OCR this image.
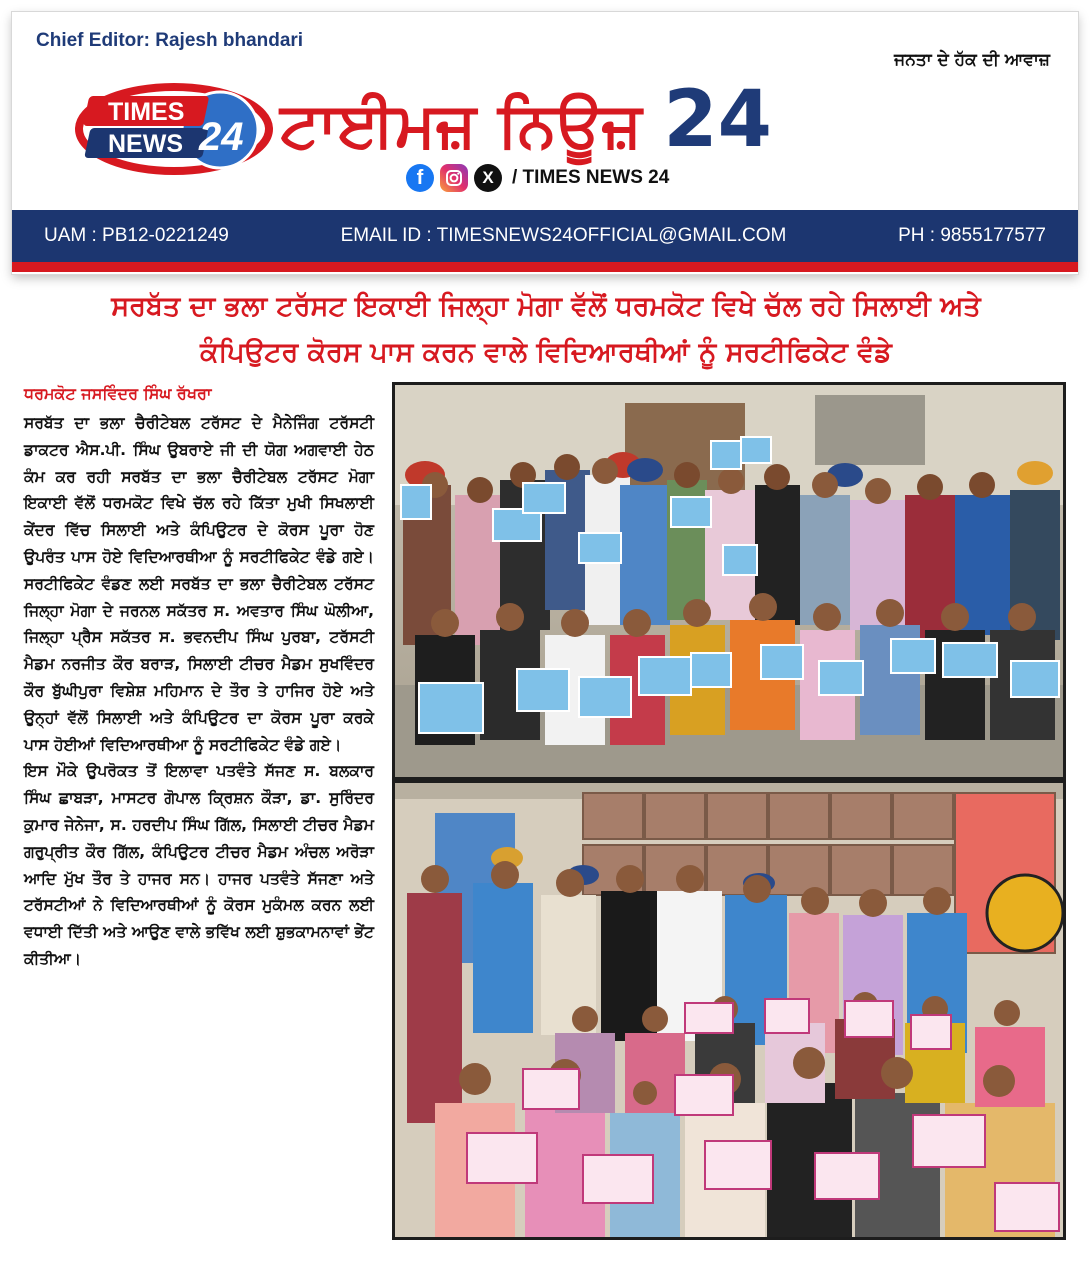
Chief Editor: Rajesh bhandari
TIMES
NEWS 24
ਜਨਤਾ ਦੇ ਹੱਕ ਦੀ ਆਵਾਜ਼
ਟਾਈਮਜ਼ ਨਿਊਜ਼ 24
f	X / TIMES NEWS 24
UAM : PB12-0221249	EMAIL ID : TIMESNEWS24OFFICIAL@GMAIL.COM	PH : 9855177577
ਸਰਬੱਤ ਦਾ ਭਲਾ ਟਰੱਸਟ ਇਕਾਈ ਜਿਲ੍ਹਾ ਮੋਗਾ ਵੱਲੋਂ ਧਰਮਕੋਟ ਵਿਖੇ ਚੱਲ ਰਹੇ ਸਿਲਾਈ ਅਤੇ
ਕੰਪਿਉਟਰ ਕੋਰਸ ਪਾਸ ਕਰਨ ਵਾਲੇ ਵਿਦਿਆਰਥੀਆਂ ਨੂੰ ਸਰਟੀਫਿਕੇਟ ਵੰਡੇ
ਧਰਮਕੋਟ ਜਸਵਿੰਦਰ ਸਿੰਘ ਰੱਖਰਾ

ਸਰਬੱਤ ਦਾ ਭਲਾ ਚੈਰੀਟੇਬਲ ਟਰੱਸਟ ਦੇ ਮੈਨੇਜਿੰਗ ਟਰੱਸਟੀ ਡਾਕਟਰ ਐਸ.ਪੀ. ਸਿੰਘ ਉਬਰਾਏ ਜੀ ਦੀ ਯੋਗ ਅਗਵਾਈ ਹੇਠ ਕੰਮ ਕਰ ਰਹੀ ਸਰਬੱਤ ਦਾ ਭਲਾ ਚੈਰੀਟੇਬਲ ਟਰੱਸਟ ਮੋਗਾ ਇਕਾਈ ਵੱਲੋਂ ਧਰਮਕੋਟ ਵਿਖੇ ਚੱਲ ਰਹੇ ਕਿੱਤਾ ਮੁਖੀ ਸਿਖਲਾਈ ਕੇਂਦਰ ਵਿੱਚ ਸਿਲਾਈ ਅਤੇ ਕੰਪਿਉਟਰ ਦੇ ਕੋਰਸ ਪੂਰਾ ਹੋਣ ਉਪਰੰਤ ਪਾਸ ਹੋਏ ਵਿਦਿਆਰਥੀਆ ਨੂੰ ਸਰਟੀਫਿਕੇਟ ਵੰਡੇ ਗਏ। ਸਰਟੀਫਿਕੇਟ ਵੰਡਣ ਲਈ ਸਰਬੱਤ ਦਾ ਭਲਾ ਚੈਰੀਟੇਬਲ ਟਰੱਸਟ ਜਿਲ੍ਹਾ ਮੋਗਾ ਦੇ ਜਰਨਲ ਸਕੱਤਰ ਸ. ਅਵਤਾਰ ਸਿੰਘ ਘੋਲੀਆ, ਜਿਲ੍ਹਾ ਪ੍ਰੈਸ ਸਕੱਤਰ ਸ. ਭਵਨਦੀਪ ਸਿੰਘ ਪੁਰਬਾ, ਟਰੱਸਟੀ ਮੈਡਮ ਨਰਜੀਤ ਕੌਰ ਬਰਾੜ, ਸਿਲਾਈ ਟੀਚਰ ਮੈਡਮ ਸੁਖਵਿੰਦਰ ਕੌਰ ਬੁੱਘੀਪੁਰਾ ਵਿਸ਼ੇਸ਼ ਮਹਿਮਾਨ ਦੇ ਤੌਰ ਤੇ ਹਾਜਿਰ ਹੋਏ ਅਤੇ ਉਨ੍ਹਾਂ ਵੱਲੋਂ ਸਿਲਾਈ ਅਤੇ ਕੰਪਿਉਟਰ ਦਾ ਕੋਰਸ ਪੂਰਾ ਕਰਕੇ ਪਾਸ ਹੋਈਆਂ ਵਿਦਿਆਰਥੀਆ ਨੂੰ ਸਰਟੀਫਿਕੇਟ ਵੰਡੇ ਗਏ।

ਇਸ ਮੌਕੇ ਉਪਰੋਕਤ ਤੋਂ ਇਲਾਵਾ ਪਤਵੰਤੇ ਸੱਜਣ ਸ. ਬਲਕਾਰ ਸਿੰਘ ਛਾਬੜਾ, ਮਾਸਟਰ ਗੋਪਾਲ ਕ੍ਰਿਸ਼ਨ ਕੌੜਾ, ਡਾ. ਸੁਰਿੰਦਰ ਕੁਮਾਰ ਜੇਨੇਜਾ, ਸ. ਹਰਦੀਪ ਸਿੰਘ ਗਿੱਲ, ਸਿਲਾਈ ਟੀਚਰ ਮੈਡਮ ਗਰੁਪ੍ਰੀਤ ਕੌਰ ਗਿੱਲ, ਕੰਪਿਉਟਰ ਟੀਚਰ ਮੈਡਮ ਅੰਚਲ ਅਰੋੜਾ ਆਦਿ ਮੁੱਖ ਤੌਰ ਤੇ ਹਾਜਰ ਸਨ। ਹਾਜਰ ਪਤਵੰਤੇ ਸੱਜਣਾ ਅਤੇ ਟਰੱਸਟੀਆਂ ਨੇ ਵਿਦਿਆਰਥੀਆਂ ਨੂੰ ਕੋਰਸ ਮੁਕੰਮਲ ਕਰਨ ਲਈ ਵਧਾਈ ਦਿੱਤੀ ਅਤੇ ਆਉਣ ਵਾਲੇ ਭਵਿੱਖ ਲਈ ਸ਼ੁਭਕਾਮਨਾਵਾਂ ਭੇਂਟ ਕੀਤੀਆ।
